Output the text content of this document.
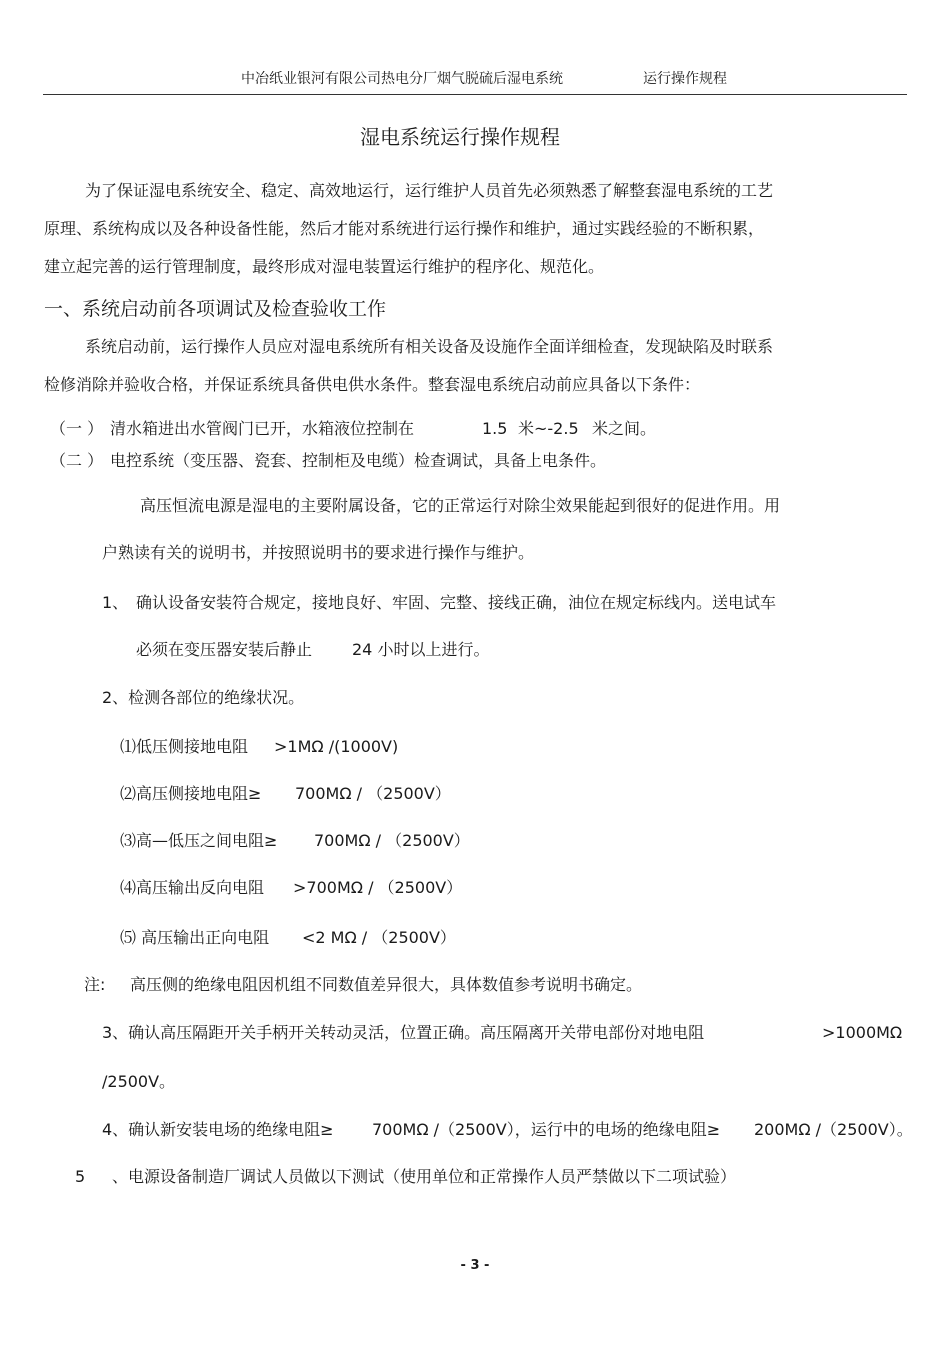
中冶纸业银河有限公司热电分厂烟气脱硫后湿电系统	运行操作规程
湿电系统运行操作规程
为了保证湿电系统安全、稳定、高效地运行，运行维护人员首先必须熟悉了解整套湿电系统的工艺
原理、系统构成以及各种设备性能，然后才能对系统进行运行操作和维护，通过实践经验的不断积累，
建立起完善的运行管理制度，最终形成对湿电装置运行维护的程序化、规范化。
一、系统启动前各项调试及检查验收工作
系统启动前，运行操作人员应对湿电系统所有相关设备及设施作全面详细检查，发现缺陷及时联系
检修消除并验收合格，并保证系统具备供电供水条件。整套湿电系统启动前应具备以下条件：
（一 ） 清水箱进出水管阀门已开，水箱液位控制在	1.5 米~-2.5 米之间。
（二 ） 电控系统（变压器、瓷套、控制柜及电缆）检查调试，具备上电条件。
高压恒流电源是湿电的主要附属设备，它的正常运行对除尘效果能起到很好的促进作用。用
户熟读有关的说明书，并按照说明书的要求进行操作与维护。
1、 确认设备安装符合规定，接地良好、牢固、完整、接线正确，油位在规定标线内。送电试车
必须在变压器安装后静止 24 小时以上进行。
2、检测各部位的绝缘状况。
⑴低压侧接地电阻 >1MΩ /(1000V)
⑵高压侧接地电阻≥ 700MΩ / （2500V）
⑶高—低压之间电阻≥ 700MΩ / （2500V）
⑷高压输出反向电阻 >700MΩ / （2500V）
⑸ 高压输出正向电阻 <2 MΩ / （2500V）
注: 高压侧的绝缘电阻因机组不同数值差异很大，具体数值参考说明书确定。
3、确认高压隔距开关手柄开关转动灵活，位置正确。高压隔离开关带电部份对地电阻	>1000MΩ
/2500V。
4、确认新安装电场的绝缘电阻≥ 700MΩ /（2500V），运行中的电场的绝缘电阻≥ 200MΩ /（2500V）。
5 、电源设备制造厂调试人员做以下测试（使用单位和正常操作人员严禁做以下二项试验）
- 3 -
